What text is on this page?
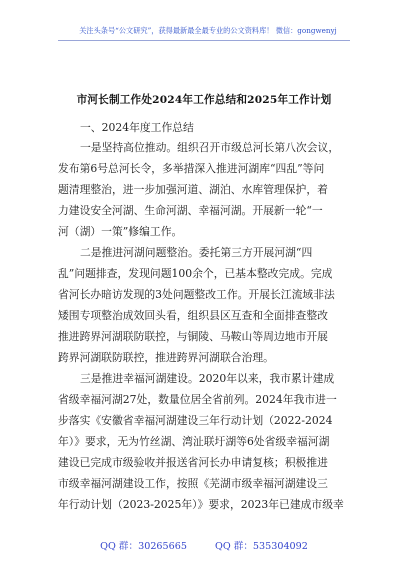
关注头条号“公文研究”，获得最新最全最专业的公文资料库！ 微信：gongwenyj
市河长制工作处2024年工作总结和2025年工作计划
一、2024年度工作总结
一是坚持高位推动。组织召开市级总河长第八次会议，
发布第6号总河长令，多举措深入推进河湖库“四乱”等问
题清理整治，进一步加强河道、湖泊、水库管理保护，着
力建设安全河湖、生命河湖、幸福河湖。开展新一轮“一
河（湖）一策”修编工作。
二是推进河湖问题整治。委托第三方开展河湖“四
乱”问题排查，发现问题100余个，已基本整改完成。完成
省河长办暗访发现的3处问题整改工作。开展长江流域非法
矮围专项整治成效回头看，组织县区互查和全面排查整改
推进跨界河湖联防联控，与铜陵、马鞍山等周边地市开展
跨界河湖联防联控，推进跨界河湖联合治理。
三是推进幸福河湖建设。2020年以来，我市累计建成
省级幸福河湖27处，数量位居全省前列。2024年我市进一
步落实《安徽省幸福河湖建设三年行动计划（2022-2024
年）》要求，无为竹丝湖、湾沚联圩湖等6处省级幸福河湖
建设已完成市级验收并报送省河长办申请复核；积极推进
市级幸福河湖建设工作，按照《芜湖市级幸福河湖建设三
年行动计划（2023-2025年）》要求，2023年已建成市级幸
QQ 群：30265665	QQ 群：535304092
